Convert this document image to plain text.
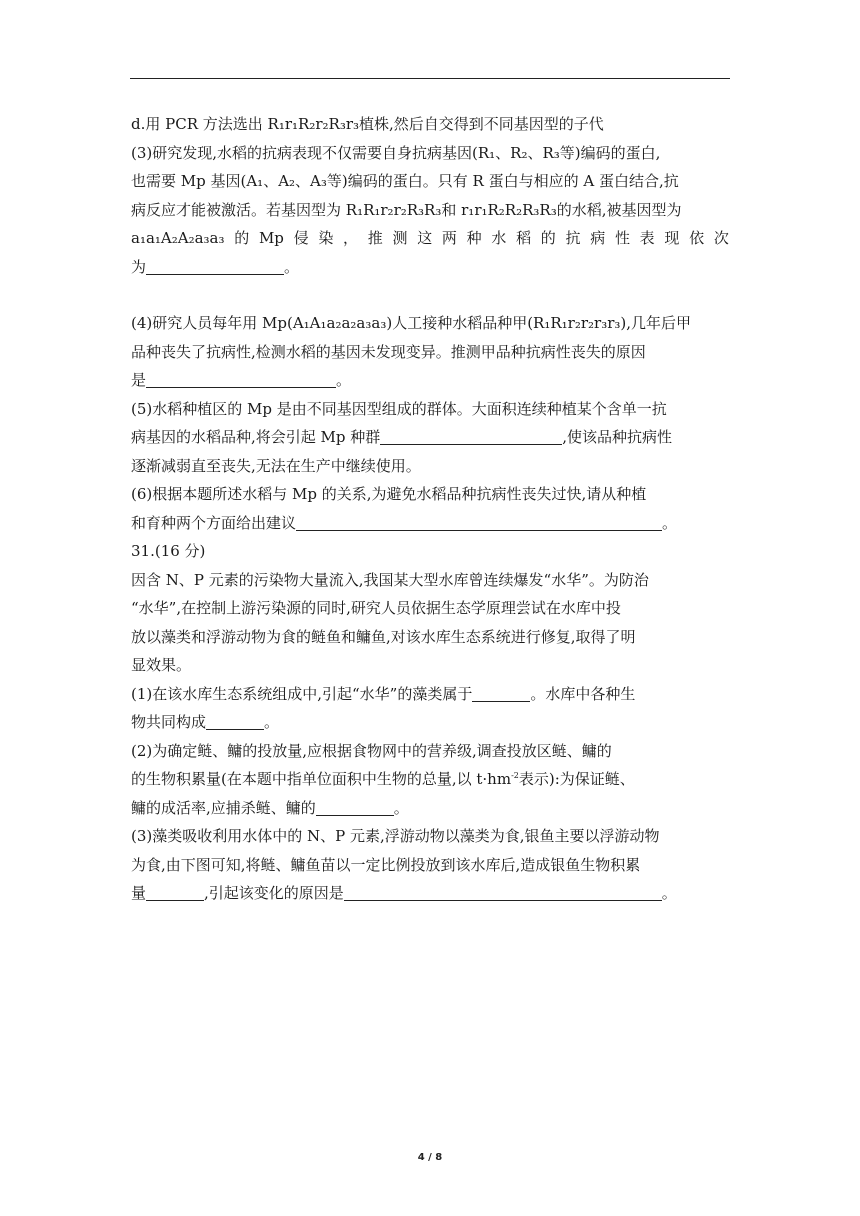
d.用 PCR 方法选出 R₁r₁R₂r₂R₃r₃植株,然后自交得到不同基因型的子代

(3)研究发现,水稻的抗病表现不仅需要自身抗病基因(R₁、R₂、R₃等)编码的蛋白,

也需要 Mp 基因(A₁、A₂、A₃等)编码的蛋白。只有 R 蛋白与相应的 A 蛋白结合,抗

病反应才能被激活。若基因型为 R₁R₁r₂r₂R₃R₃和 r₁r₁R₂R₂R₃R₃的水稻,被基因型为

a₁a₁A₂A₂a₃a₃ 的 Mp 侵 染 ， 推 测 这 两 种 水 稻 的 抗 病 性 表 现 依 次

为	。

(4)研究人员每年用 Mp(A₁A₁a₂a₂a₃a₃)人工接种水稻品种甲(R₁R₁r₂r₂r₃r₃),几年后甲

品种丧失了抗病性,检测水稻的基因未发现变异。推测甲品种抗病性丧失的原因

是	。

(5)水稻种植区的 Mp 是由不同基因型组成的群体。大面积连续种植某个含单一抗

病基因的水稻品种,将会引起 Mp 种群	,使该品种抗病性

逐渐减弱直至丧失,无法在生产中继续使用。

(6)根据本题所述水稻与 Mp 的关系,为避免水稻品种抗病性丧失过快,请从种植

和育种两个方面给出建议	。

31.(16 分)

因含 N、P 元素的污染物大量流入,我国某大型水库曾连续爆发“水华”。为防治

“水华”,在控制上游污染源的同时,研究人员依据生态学原理尝试在水库中投

放以藻类和浮游动物为食的鲢鱼和鳙鱼,对该水库生态系统进行修复,取得了明

显效果。

(1)在该水库生态系统组成中,引起“水华”的藻类属于	。水库中各种生

物共同构成	。

(2)为确定鲢、鳙的投放量,应根据食物网中的营养级,调查投放区鲢、鳙的

的生物积累量(在本题中指单位面积中生物的总量,以 $t\cdot hm^{-2}$表示):为保证鲢、

鳙的成活率,应捕杀鲢、鳙的	。

(3)藻类吸收利用水体中的 N、P 元素,浮游动物以藻类为食,银鱼主要以浮游动物

为食,由下图可知,将鲢、鳙鱼苗以一定比例投放到该水库后,造成银鱼生物积累

量	,引起该变化的原因是	。

4 / 8
